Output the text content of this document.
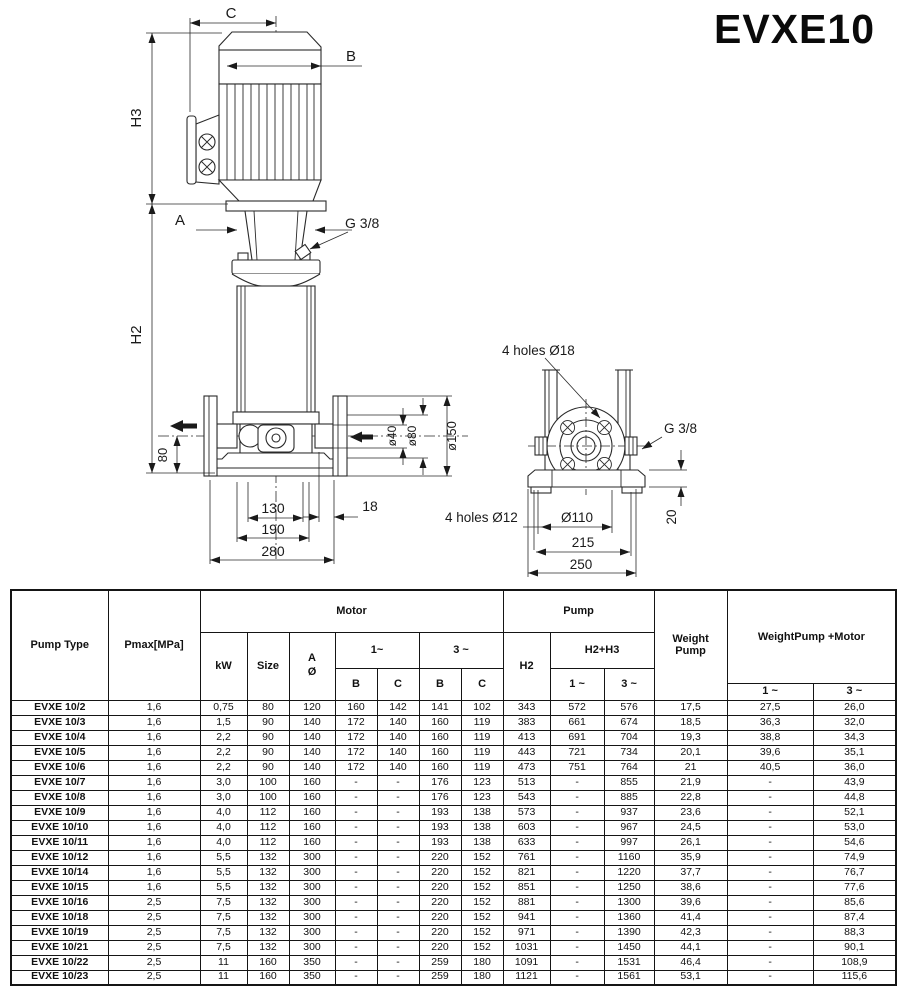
EVXE10
C
B
H3
A	G 3/8
H2
80
ø40 ø80 ø150
130
190
280
18
4 holes Ø18
G 3/8
20
4 holes Ø12	Ø110
215
250
Pump Type	Pmax[MPa]	Motor							Pump			Weight Pump	WeightPump +Motor	
		kW	Size	A
Ø	1~		3 ~		H2	H2+H3				
					B	C	B	C		1 ~	3 ~			
													1 ~	3 ~
EVXE 10/2	1,6	0,75	80	120	160	142	141	102	343	572	576	17,5	27,5	26,0
EVXE 10/3	1,6	1,5	90	140	172	140	160	119	383	661	674	18,5	36,3	32,0
EVXE 10/4	1,6	2,2	90	140	172	140	160	119	413	691	704	19,3	38,8	34,3
EVXE 10/5	1,6	2,2	90	140	172	140	160	119	443	721	734	20,1	39,6	35,1
EVXE 10/6	1,6	2,2	90	140	172	140	160	119	473	751	764	21	40,5	36,0
EVXE 10/7	1,6	3,0	100	160	-	-	176	123	513	-	855	21,9	-	43,9
EVXE 10/8	1,6	3,0	100	160	-	-	176	123	543	-	885	22,8	-	44,8
EVXE 10/9	1,6	4,0	112	160	-	-	193	138	573	-	937	23,6	-	52,1
EVXE 10/10	1,6	4,0	112	160	-	-	193	138	603	-	967	24,5	-	53,0
EVXE 10/11	1,6	4,0	112	160	-	-	193	138	633	-	997	26,1	-	54,6
EVXE 10/12	1,6	5,5	132	300	-	-	220	152	761	-	1160	35,9	-	74,9
EVXE 10/14	1,6	5,5	132	300	-	-	220	152	821	-	1220	37,7	-	76,7
EVXE 10/15	1,6	5,5	132	300	-	-	220	152	851	-	1250	38,6	-	77,6
EVXE 10/16	2,5	7,5	132	300	-	-	220	152	881	-	1300	39,6	-	85,6
EVXE 10/18	2,5	7,5	132	300	-	-	220	152	941	-	1360	41,4	-	87,4
EVXE 10/19	2,5	7,5	132	300	-	-	220	152	971	-	1390	42,3	-	88,3
EVXE 10/21	2,5	7,5	132	300	-	-	220	152	1031	-	1450	44,1	-	90,1
EVXE 10/22	2,5	11	160	350	-	-	259	180	1091	-	1531	46,4	-	108,9
EVXE 10/23	2,5	11	160	350	-	-	259	180	1121	-	1561	53,1	-	115,6
